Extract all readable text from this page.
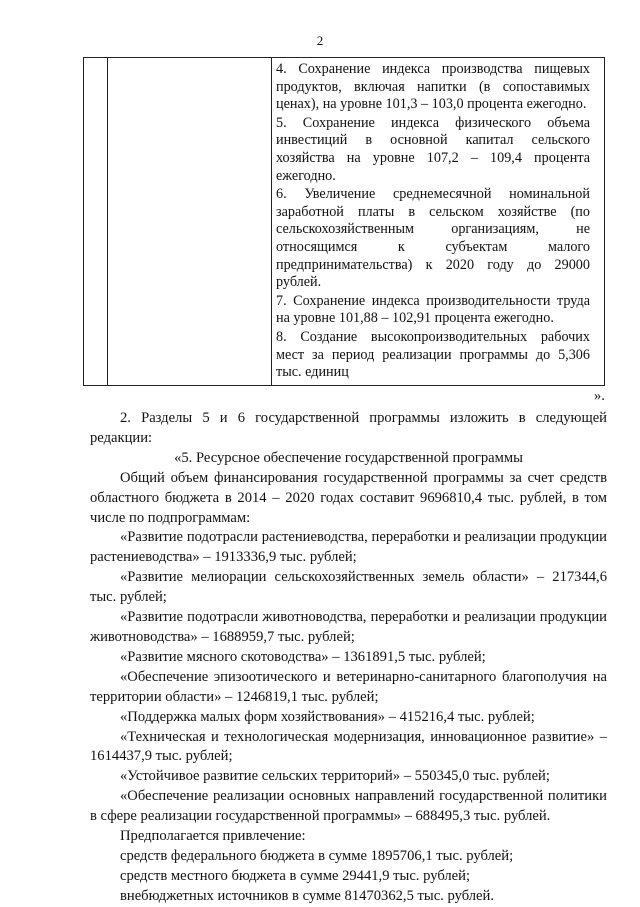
2

4. Сохранение индекса производства пищевых продуктов, включая напитки (в сопоставимых ценах), на уровне 101,3 – 103,0 процента ежегодно.

5. Сохранение индекса физического объема инвестиций в основной капитал сельского хозяйства на уровне 107,2 – 109,4 процента ежегодно.

6. Увеличение среднемесячной номинальной заработной платы в сельском хозяйстве (по сельскохозяйственным организациям, не относящимся к субъектам малого предпринимательства) к 2020 году до 29000 рублей.

7. Сохранение индекса производительности труда на уровне 101,88 – 102,91 процента ежегодно.

8. Создание высокопроизводительных рабочих мест за период реализации программы до 5,306 тыс. единиц

».

2. Разделы 5 и 6 государственной программы изложить в следующей редакции:

«5. Ресурсное обеспечение государственной программы

Общий объем финансирования государственной программы за счет средств областного бюджета в 2014 – 2020 годах составит 9696810,4 тыс. рублей, в том числе по подпрограммам:

«Развитие подотрасли растениеводства, переработки и реализации продукции растениеводства» – 1913336,9 тыс. рублей;

«Развитие мелиорации сельскохозяйственных земель области» – 217344,6 тыс. рублей;

«Развитие подотрасли животноводства, переработки и реализации продукции животноводства» – 1688959,7 тыс. рублей;

«Развитие мясного скотоводства» – 1361891,5 тыс. рублей;

«Обеспечение эпизоотического и ветеринарно-санитарного благополучия на территории области» – 1246819,1 тыс. рублей;

«Поддержка малых форм хозяйствования» – 415216,4 тыс. рублей;

«Техническая и технологическая модернизация, инновационное развитие» – 1614437,9 тыс. рублей;

«Устойчивое развитие сельских территорий» – 550345,0 тыс. рублей;

«Обеспечение реализации основных направлений государственной политики в сфере реализации государственной программы» – 688495,3 тыс. рублей.

Предполагается привлечение:

средств федерального бюджета в сумме 1895706,1 тыс. рублей;

средств местного бюджета в сумме 29441,9 тыс. рублей;

внебюджетных источников в сумме 81470362,5 тыс. рублей.
